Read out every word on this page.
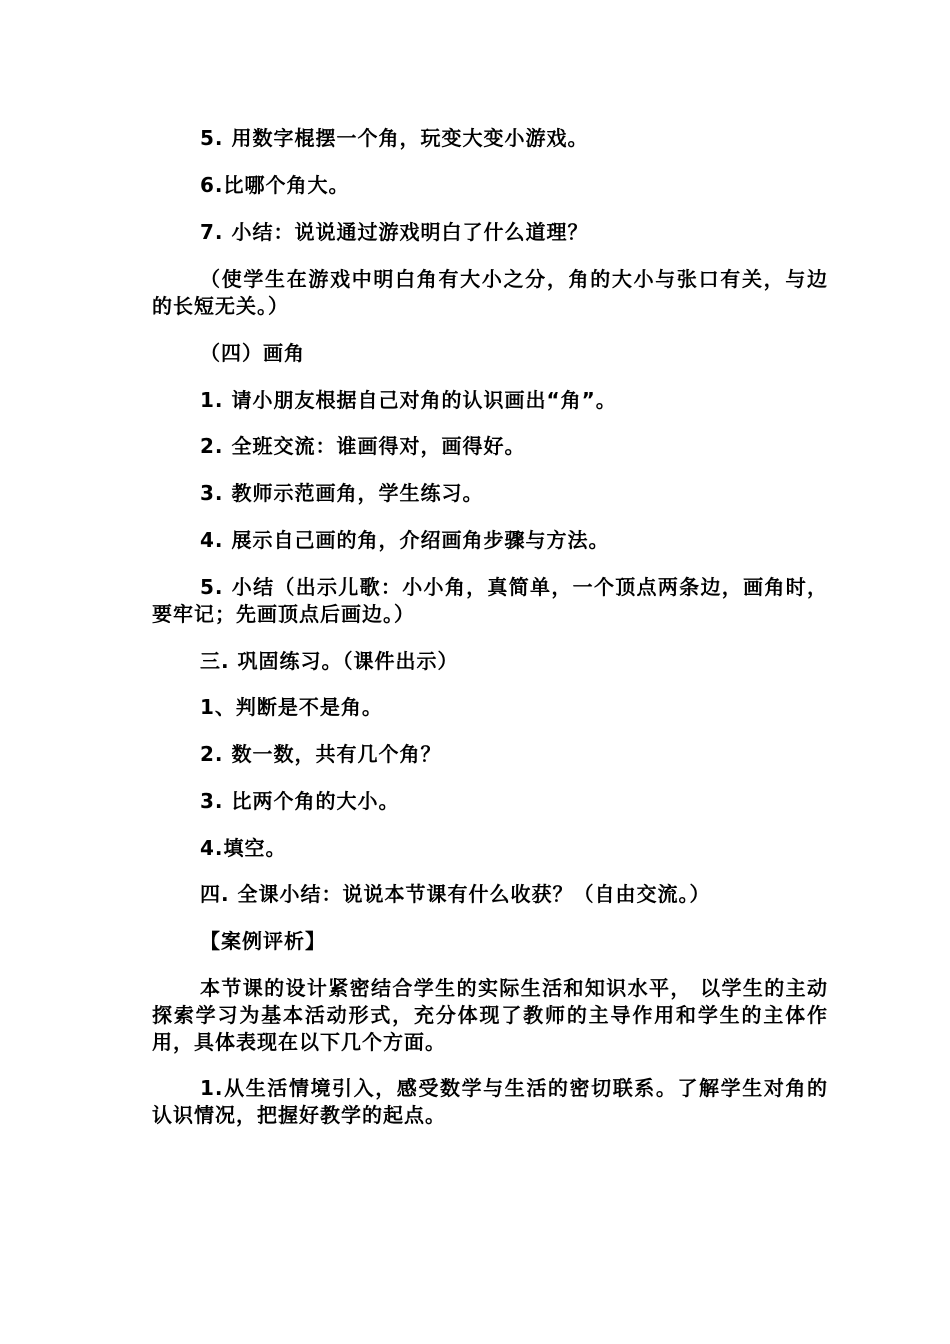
5. 用数字棍摆一个角，玩变大变小游戏。

6.比哪个角大。

7. 小结：说说通过游戏明白了什么道理？

（使学生在游戏中明白角有大小之分，角的大小与张口有关，与边的长短无关。）

（四）画角

1. 请小朋友根据自己对角的认识画出“角”。

2. 全班交流：谁画得对，画得好。

3. 教师示范画角，学生练习。

4. 展示自己画的角，介绍画角步骤与方法。

5. 小结（出示儿歌：小小角，真简单，一个顶点两条边，画角时，要牢记；先画顶点后画边。）

三. 巩固练习。（课件出示）

1、判断是不是角。

2. 数一数，共有几个角？

3. 比两个角的大小。

4.填空。

四. 全课小结：说说本节课有什么收获？（自由交流。）

【案例评析】

本节课的设计紧密结合学生的实际生活和知识水平， 以学生的主动探索学习为基本活动形式，充分体现了教师的主导作用和学生的主体作用，具体表现在以下几个方面。

1.从生活情境引入，感受数学与生活的密切联系。了解学生对角的认识情况，把握好教学的起点。
